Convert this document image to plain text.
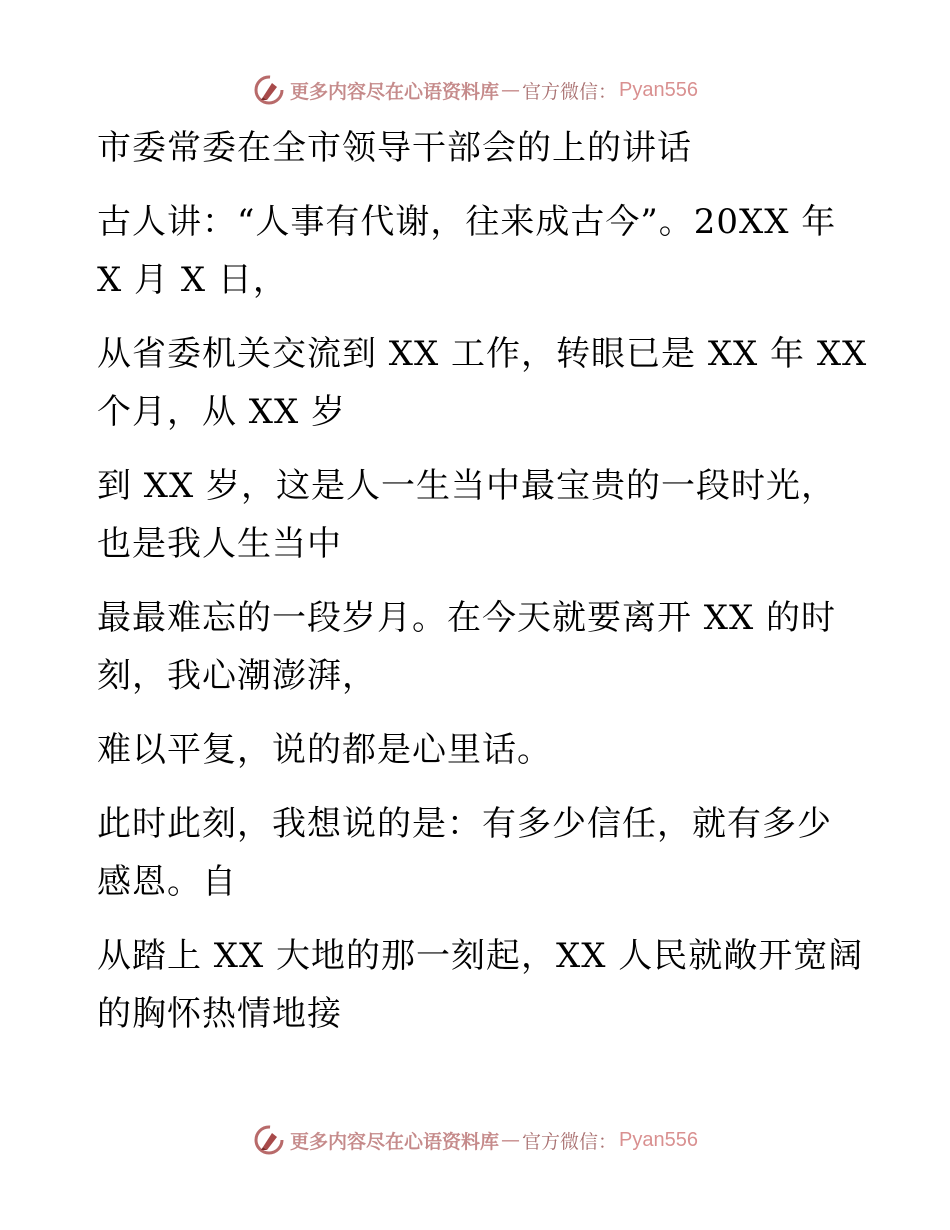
更多内容尽在心语资料库 — 官方微信： Pyan556
市委常委在全市领导干部会的上的讲话
古人讲：“人事有代谢，往来成古今”。20XX 年
X 月 X 日，
从省委机关交流到 XX 工作，转眼已是 XX 年 XX
个月，从 XX 岁
到 XX 岁，这是人一生当中最宝贵的一段时光，
也是我人生当中
最最难忘的一段岁月。在今天就要离开 XX 的时
刻，我心潮澎湃，
难以平复，说的都是心里话。
此时此刻，我想说的是：有多少信任，就有多少
感恩。自
从踏上 XX 大地的那一刻起，XX 人民就敞开宽阔
的胸怀热情地接
更多内容尽在心语资料库 — 官方微信： Pyan556
